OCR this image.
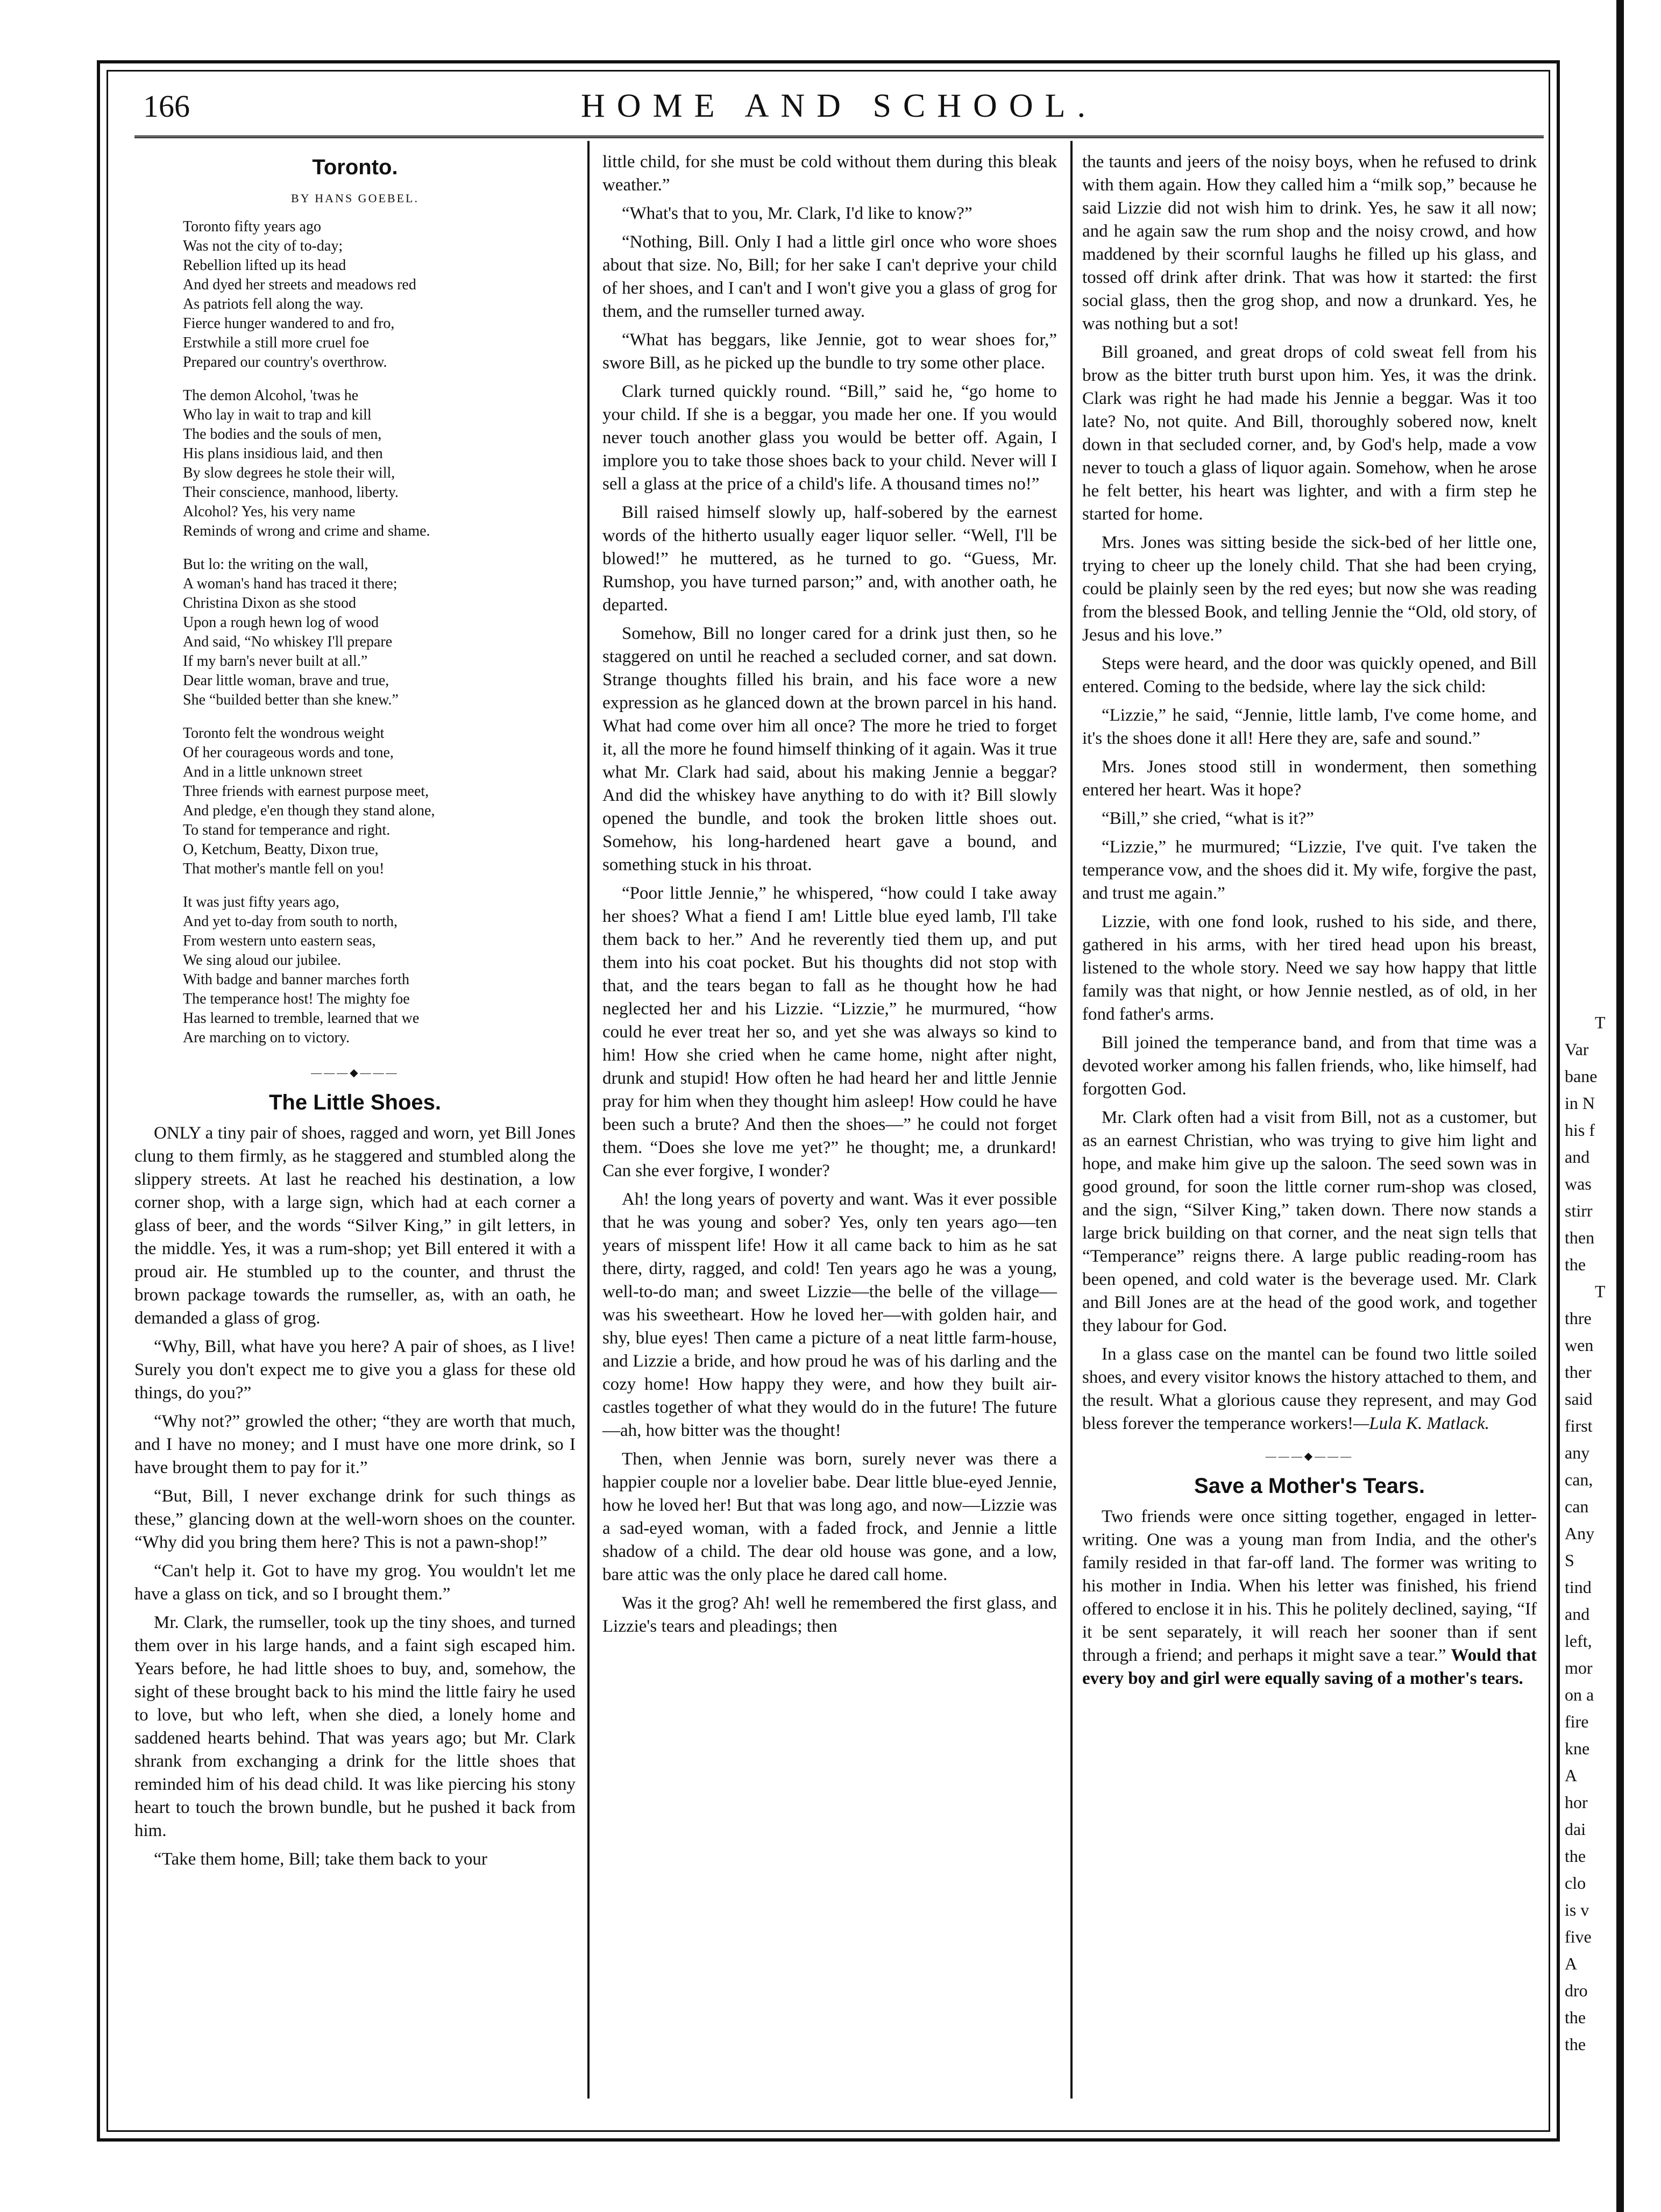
166	HOME AND SCHOOL.
Toronto.
BY HANS GOEBEL.
Toronto fifty years ago
Was not the city of to-day;
Rebellion lifted up its head
And dyed her streets and meadows red
As patriots fell along the way.
Fierce hunger wandered to and fro,
Erstwhile a still more cruel foe
Prepared our country's overthrow.
The demon Alcohol, 'twas he
Who lay in wait to trap and kill
The bodies and the souls of men,
His plans insidious laid, and then
By slow degrees he stole their will,
Their conscience, manhood, liberty.
Alcohol? Yes, his very name
Reminds of wrong and crime and shame.
But lo: the writing on the wall,
A woman's hand has traced it there;
Christina Dixon as she stood
Upon a rough hewn log of wood
And said, “No whiskey I'll prepare
If my barn's never built at all.”
Dear little woman, brave and true,
She “builded better than she knew.”
Toronto felt the wondrous weight
Of her courageous words and tone,
And in a little unknown street
Three friends with earnest purpose meet,
And pledge, e'en though they stand alone,
To stand for temperance and right.
O, Ketchum, Beatty, Dixon true,
That mother's mantle fell on you!
It was just fifty years ago,
And yet to-day from south to north,
From western unto eastern seas,
We sing aloud our jubilee.
With badge and banner marches forth
The temperance host! The mighty foe
Has learned to tremble, learned that we
Are marching on to victory.
———◆———
The Little Shoes.

ONLY a tiny pair of shoes, ragged and worn, yet Bill Jones clung to them firmly, as he staggered and stumbled along the slippery streets. At last he reached his destination, a low corner shop, with a large sign, which had at each corner a glass of beer, and the words “Silver King,” in gilt letters, in the middle. Yes, it was a rum-shop; yet Bill entered it with a proud air. He stumbled up to the counter, and thrust the brown package towards the rumseller, as, with an oath, he demanded a glass of grog.

“Why, Bill, what have you here? A pair of shoes, as I live! Surely you don't expect me to give you a glass for these old things, do you?”

“Why not?” growled the other; “they are worth that much, and I have no money; and I must have one more drink, so I have brought them to pay for it.”

“But, Bill, I never exchange drink for such things as these,” glancing down at the well-worn shoes on the counter. “Why did you bring them here? This is not a pawn-shop!”

“Can't help it. Got to have my grog. You wouldn't let me have a glass on tick, and so I brought them.”

Mr. Clark, the rumseller, took up the tiny shoes, and turned them over in his large hands, and a faint sigh escaped him. Years before, he had little shoes to buy, and, somehow, the sight of these brought back to his mind the little fairy he used to love, but who left, when she died, a lonely home and saddened hearts behind. That was years ago; but Mr. Clark shrank from exchanging a drink for the little shoes that reminded him of his dead child. It was like piercing his stony heart to touch the brown bundle, but he pushed it back from him.

“Take them home, Bill; take them back to your

little child, for she must be cold without them during this bleak weather.”

“What's that to you, Mr. Clark, I'd like to know?”

“Nothing, Bill. Only I had a little girl once who wore shoes about that size. No, Bill; for her sake I can't deprive your child of her shoes, and I can't and I won't give you a glass of grog for them, and the rumseller turned away.

“What has beggars, like Jennie, got to wear shoes for,” swore Bill, as he picked up the bundle to try some other place.

Clark turned quickly round. “Bill,” said he, “go home to your child. If she is a beggar, you made her one. If you would never touch another glass you would be better off. Again, I implore you to take those shoes back to your child. Never will I sell a glass at the price of a child's life. A thousand times no!”

Bill raised himself slowly up, half-sobered by the earnest words of the hitherto usually eager liquor seller. “Well, I'll be blowed!” he muttered, as he turned to go. “Guess, Mr. Rumshop, you have turned parson;” and, with another oath, he departed.

Somehow, Bill no longer cared for a drink just then, so he staggered on until he reached a secluded corner, and sat down. Strange thoughts filled his brain, and his face wore a new expression as he glanced down at the brown parcel in his hand. What had come over him all once? The more he tried to forget it, all the more he found himself thinking of it again. Was it true what Mr. Clark had said, about his making Jennie a beggar? And did the whiskey have anything to do with it? Bill slowly opened the bundle, and took the broken little shoes out. Somehow, his long-hardened heart gave a bound, and something stuck in his throat.

“Poor little Jennie,” he whispered, “how could I take away her shoes? What a fiend I am! Little blue eyed lamb, I'll take them back to her.” And he reverently tied them up, and put them into his coat pocket. But his thoughts did not stop with that, and the tears began to fall as he thought how he had neglected her and his Lizzie. “Lizzie,” he murmured, “how could he ever treat her so, and yet she was always so kind to him! How she cried when he came home, night after night, drunk and stupid! How often he had heard her and little Jennie pray for him when they thought him asleep! How could he have been such a brute? And then the shoes—” he could not forget them. “Does she love me yet?” he thought; me, a drunkard! Can she ever forgive, I wonder?

Ah! the long years of poverty and want. Was it ever possible that he was young and sober? Yes, only ten years ago—ten years of misspent life! How it all came back to him as he sat there, dirty, ragged, and cold! Ten years ago he was a young, well-to-do man; and sweet Lizzie—the belle of the village—was his sweetheart. How he loved her—with golden hair, and shy, blue eyes! Then came a picture of a neat little farm-house, and Lizzie a bride, and how proud he was of his darling and the cozy home! How happy they were, and how they built air-castles together of what they would do in the future! The future—ah, how bitter was the thought!

Then, when Jennie was born, surely never was there a happier couple nor a lovelier babe. Dear little blue-eyed Jennie, how he loved her! But that was long ago, and now—Lizzie was a sad-eyed woman, with a faded frock, and Jennie a little shadow of a child. The dear old house was gone, and a low, bare attic was the only place he dared call home.

Was it the grog? Ah! well he remembered the first glass, and Lizzie's tears and pleadings; then

the taunts and jeers of the noisy boys, when he refused to drink with them again. How they called him a “milk sop,” because he said Lizzie did not wish him to drink. Yes, he saw it all now; and he again saw the rum shop and the noisy crowd, and how maddened by their scornful laughs he filled up his glass, and tossed off drink after drink. That was how it started: the first social glass, then the grog shop, and now a drunkard. Yes, he was nothing but a sot!

Bill groaned, and great drops of cold sweat fell from his brow as the bitter truth burst upon him. Yes, it was the drink. Clark was right he had made his Jennie a beggar. Was it too late? No, not quite. And Bill, thoroughly sobered now, knelt down in that secluded corner, and, by God's help, made a vow never to touch a glass of liquor again. Somehow, when he arose he felt better, his heart was lighter, and with a firm step he started for home.

Mrs. Jones was sitting beside the sick-bed of her little one, trying to cheer up the lonely child. That she had been crying, could be plainly seen by the red eyes; but now she was reading from the blessed Book, and telling Jennie the “Old, old story, of Jesus and his love.”

Steps were heard, and the door was quickly opened, and Bill entered. Coming to the bedside, where lay the sick child:

“Lizzie,” he said, “Jennie, little lamb, I've come home, and it's the shoes done it all! Here they are, safe and sound.”

Mrs. Jones stood still in wonderment, then something entered her heart. Was it hope?

“Bill,” she cried, “what is it?”

“Lizzie,” he murmured; “Lizzie, I've quit. I've taken the temperance vow, and the shoes did it. My wife, forgive the past, and trust me again.”

Lizzie, with one fond look, rushed to his side, and there, gathered in his arms, with her tired head upon his breast, listened to the whole story. Need we say how happy that little family was that night, or how Jennie nestled, as of old, in her fond father's arms.

Bill joined the temperance band, and from that time was a devoted worker among his fallen friends, who, like himself, had forgotten God.

Mr. Clark often had a visit from Bill, not as a customer, but as an earnest Christian, who was trying to give him light and hope, and make him give up the saloon. The seed sown was in good ground, for soon the little corner rum-shop was closed, and the sign, “Silver King,” taken down. There now stands a large brick building on that corner, and the neat sign tells that “Temperance” reigns there. A large public reading-room has been opened, and cold water is the beverage used. Mr. Clark and Bill Jones are at the head of the good work, and together they labour for God.

In a glass case on the mantel can be found two little soiled shoes, and every visitor knows the history attached to them, and the result. What a glorious cause they represent, and may God bless forever the temperance workers!—Lula K. Matlack.

———◆———
Save a Mother's Tears.

Two friends were once sitting together, engaged in letter-writing. One was a young man from India, and the other's family resided in that far-off land. The former was writing to his mother in India. When his letter was finished, his friend offered to enclose it in his. This he politely declined, saying, “If it be sent separately, it will reach her sooner than if sent through a friend; and perhaps it might save a tear.” Would that every boy and girl were equally saving of a mother's tears.

T
Var
bane
in N
his f
and
was
stirr
then
the
T
thre
wen
ther
said
first
any
can,
can
Any
S
tind
and
left,
mor
on a
fire
kne
A
hor
dai
the
clo
is v
five
A
dro
the
the
